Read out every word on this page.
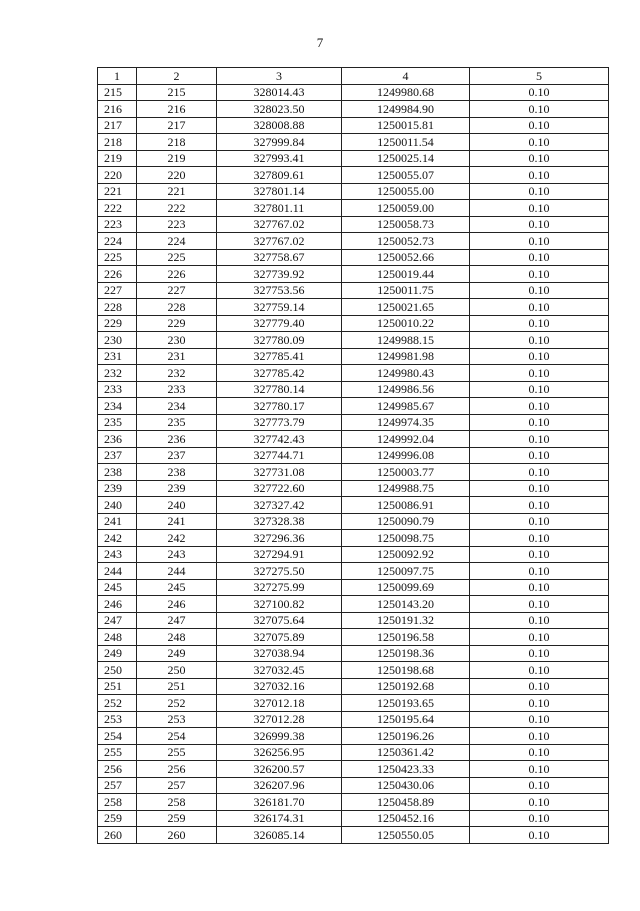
7
1	2	3	4	5
215	215	328014.43	1249980.68	0.10
216	216	328023.50	1249984.90	0.10
217	217	328008.88	1250015.81	0.10
218	218	327999.84	1250011.54	0.10
219	219	327993.41	1250025.14	0.10
220	220	327809.61	1250055.07	0.10
221	221	327801.14	1250055.00	0.10
222	222	327801.11	1250059.00	0.10
223	223	327767.02	1250058.73	0.10
224	224	327767.02	1250052.73	0.10
225	225	327758.67	1250052.66	0.10
226	226	327739.92	1250019.44	0.10
227	227	327753.56	1250011.75	0.10
228	228	327759.14	1250021.65	0.10
229	229	327779.40	1250010.22	0.10
230	230	327780.09	1249988.15	0.10
231	231	327785.41	1249981.98	0.10
232	232	327785.42	1249980.43	0.10
233	233	327780.14	1249986.56	0.10
234	234	327780.17	1249985.67	0.10
235	235	327773.79	1249974.35	0.10
236	236	327742.43	1249992.04	0.10
237	237	327744.71	1249996.08	0.10
238	238	327731.08	1250003.77	0.10
239	239	327722.60	1249988.75	0.10
240	240	327327.42	1250086.91	0.10
241	241	327328.38	1250090.79	0.10
242	242	327296.36	1250098.75	0.10
243	243	327294.91	1250092.92	0.10
244	244	327275.50	1250097.75	0.10
245	245	327275.99	1250099.69	0.10
246	246	327100.82	1250143.20	0.10
247	247	327075.64	1250191.32	0.10
248	248	327075.89	1250196.58	0.10
249	249	327038.94	1250198.36	0.10
250	250	327032.45	1250198.68	0.10
251	251	327032.16	1250192.68	0.10
252	252	327012.18	1250193.65	0.10
253	253	327012.28	1250195.64	0.10
254	254	326999.38	1250196.26	0.10
255	255	326256.95	1250361.42	0.10
256	256	326200.57	1250423.33	0.10
257	257	326207.96	1250430.06	0.10
258	258	326181.70	1250458.89	0.10
259	259	326174.31	1250452.16	0.10
260	260	326085.14	1250550.05	0.10
